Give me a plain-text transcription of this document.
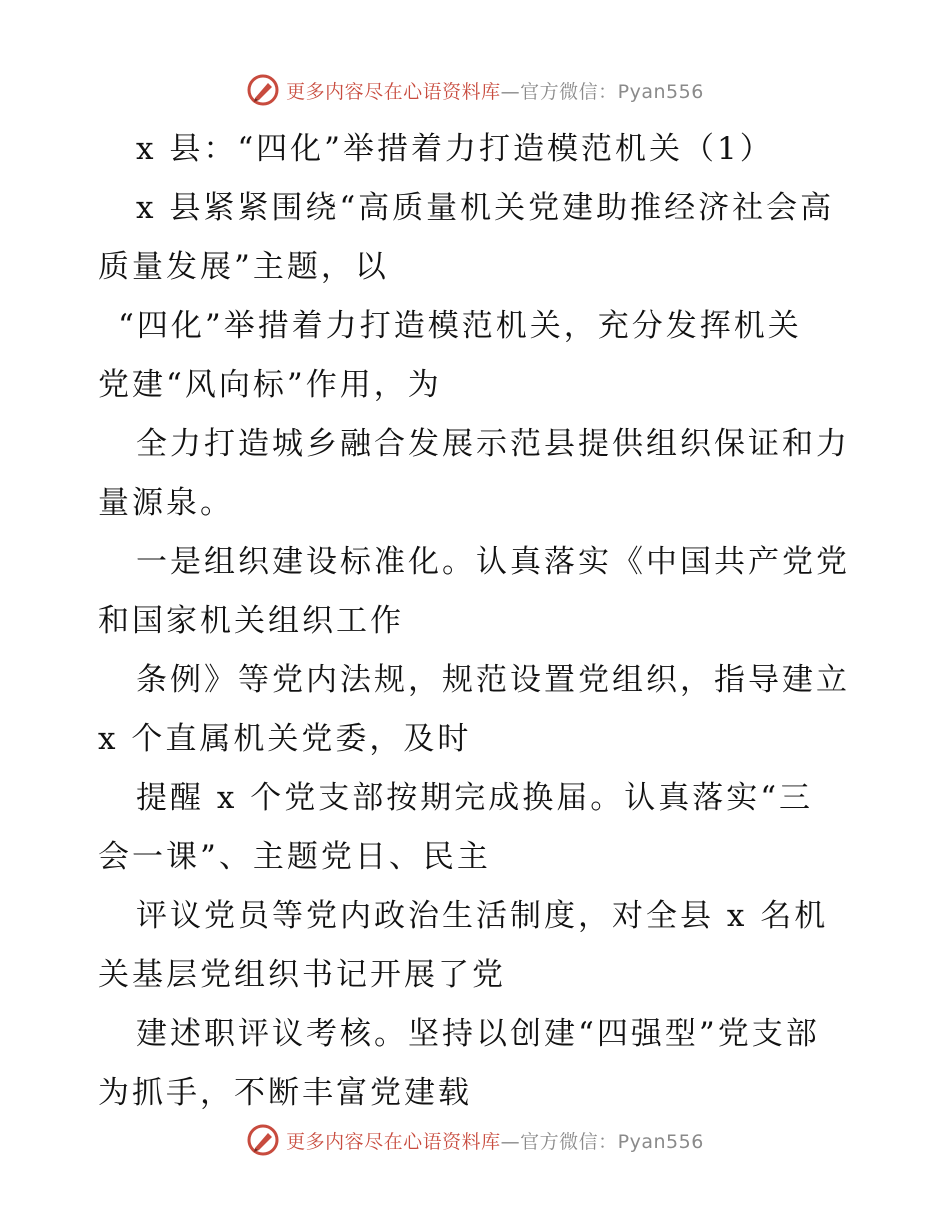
更多内容尽在心语资料库—官方微信：Pyan556
x 县：“四化”举措着力打造模范机关（1）
x 县紧紧围绕“高质量机关党建助推经济社会高
质量发展”主题，以
“四化”举措着力打造模范机关，充分发挥机关
党建“风向标”作用，为
全力打造城乡融合发展示范县提供组织保证和力
量源泉。
一是组织建设标准化。认真落实《中国共产党党
和国家机关组织工作
条例》等党内法规，规范设置党组织，指导建立
x 个直属机关党委，及时
提醒 x 个党支部按期完成换届。认真落实“三
会一课”、主题党日、民主
评议党员等党内政治生活制度，对全县 x 名机
关基层党组织书记开展了党
建述职评议考核。坚持以创建“四强型”党支部
为抓手，不断丰富党建载
更多内容尽在心语资料库—官方微信：Pyan556
